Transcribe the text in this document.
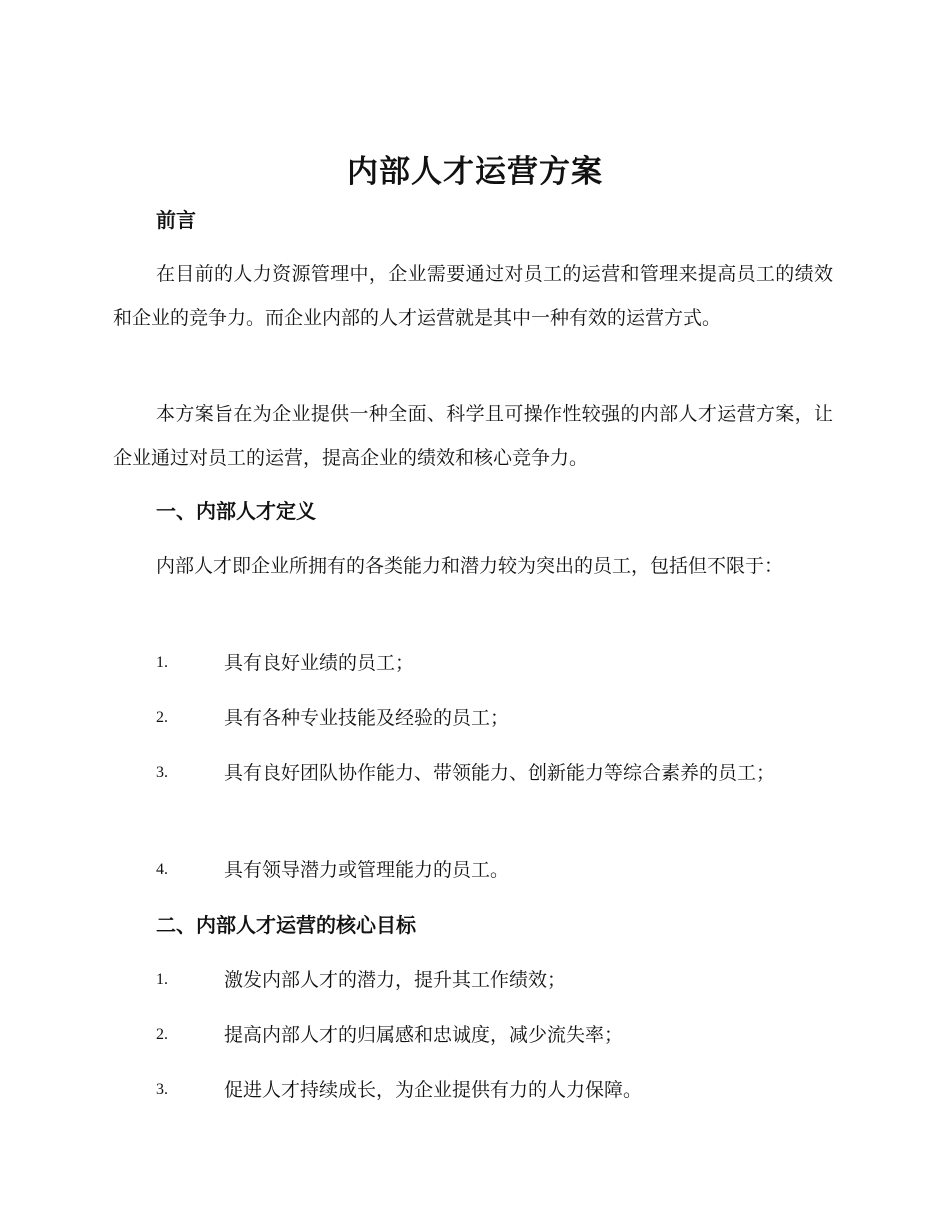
内部人才运营方案
前言

在目前的人力资源管理中，企业需要通过对员工的运营和管理来提高员工的绩效和企业的竞争力。而企业内部的人才运营就是其中一种有效的运营方式。

本方案旨在为企业提供一种全面、科学且可操作性较强的内部人才运营方案，让企业通过对员工的运营，提高企业的绩效和核心竞争力。

一、内部人才定义

内部人才即企业所拥有的各类能力和潜力较为突出的员工，包括但不限于：

1.	具有良好业绩的员工；
2.	具有各种专业技能及经验的员工；
3.	具有良好团队协作能力、带领能力、创新能力等综合素养的员工；
4.	具有领导潜力或管理能力的员工。
二、内部人才运营的核心目标
1.	激发内部人才的潜力，提升其工作绩效；
2.	提高内部人才的归属感和忠诚度，减少流失率；
3.	促进人才持续成长，为企业提供有力的人力保障。
